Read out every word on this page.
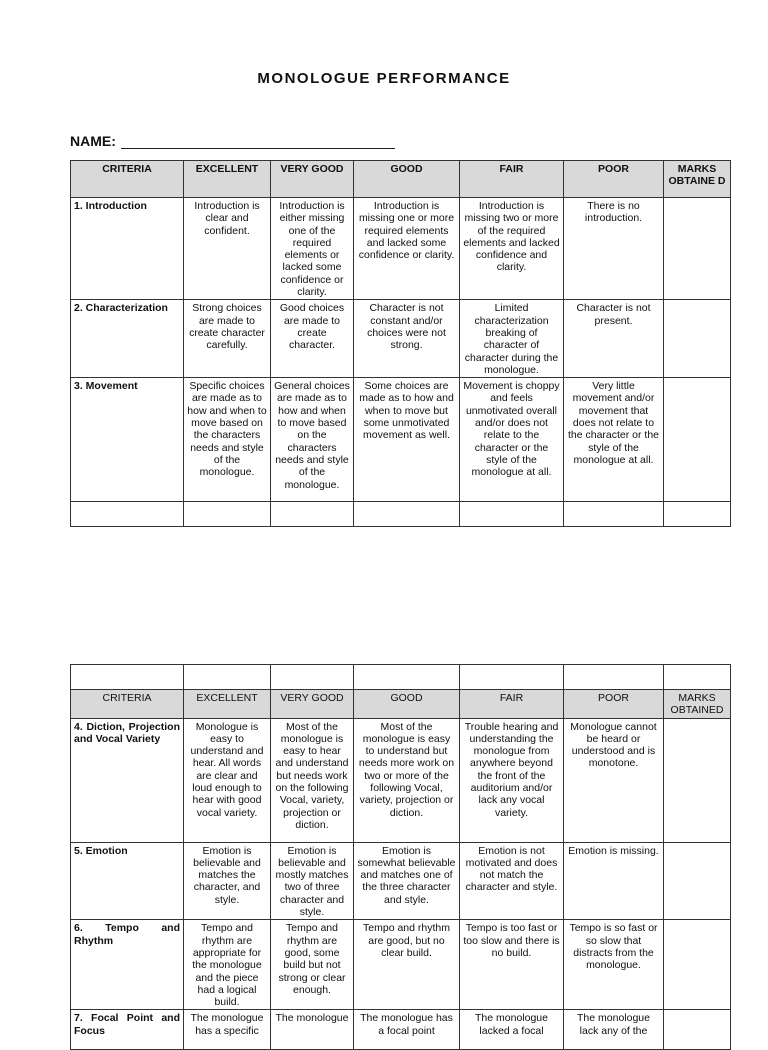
MONOLOGUE PERFORMANCE
NAME:
CRITERIA	EXCELLENT	VERY GOOD	GOOD	FAIR	POOR	MARKS OBTAINE D
1. Introduction	Introduction is clear and confident.	Introduction is either missing one of the required elements or lacked some confidence or clarity.	Introduction is missing one or more required elements and lacked some confidence or clarity.	Introduction is missing two or more of the required elements and lacked confidence and clarity.	There is no introduction.	
2. Characterization	Strong choices are made to create character carefully.	Good choices are made to create character.	Character is not constant and/or choices were not strong.	Limited characterization breaking of character of character during the monologue.	Character is not present.	
3. Movement	Specific choices are made as to how and when to move based on the characters needs and style of the monologue.	General choices are made as to how and when to move based on the characters needs and style of the monologue.	Some choices are made as to how and when to move but some unmotivated movement as well.	Movement is choppy and feels unmotivated overall and/or does not relate to the character or the style of the monologue at all.	Very little movement and/or movement that does not relate to the character or the style of the monologue at all.	

CRITERIA	EXCELLENT	VERY GOOD	GOOD	FAIR	POOR	MARKS OBTAINED
4. Diction, Projection and Vocal Variety	Monologue is easy to understand and hear. All words are clear and loud enough to hear with good vocal variety.	Most of the monologue is easy to hear and understand but needs work on the following Vocal, variety, projection or diction.	Most of the monologue is easy to understand but needs more work on two or more of the following Vocal, variety, projection or diction.	Trouble hearing and understanding the monologue from anywhere beyond the front of the auditorium and/or lack any vocal variety.	Monologue cannot be heard or understood and is monotone.	
5. Emotion	Emotion is believable and matches the character, and style.	Emotion is believable and mostly matches two of three character and style.	Emotion is somewhat believable and matches one of the three character and style.	Emotion is not motivated and does not match the character and style.	Emotion is missing.	
6. Tempo and Rhythm	Tempo and rhythm are appropriate for the monologue and the piece had a logical build.	Tempo and rhythm are good, some build but not strong or clear enough.	Tempo and rhythm are good, but no clear build.	Tempo is too fast or too slow and there is no build.	Tempo is so fast or so slow that distracts from the monologue.	
7. Focal Point and Focus	The monologue has a specific	The monologue	The monologue has a focal point	The monologue lacked a focal	The monologue lack any of the	
